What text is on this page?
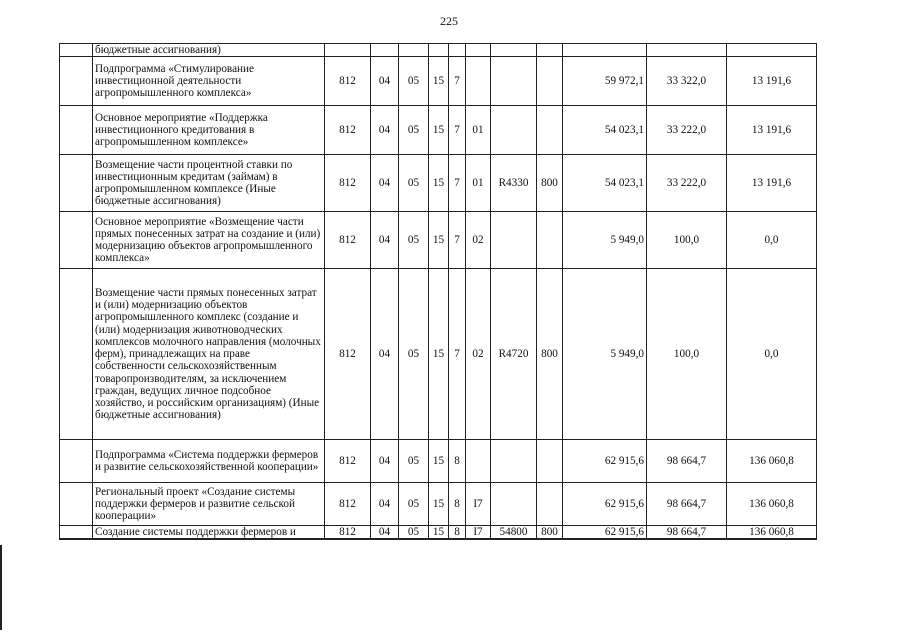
225

	бюджетные ассигнования)											

	Подпрограмма «Стимулирование инвестиционной деятельности агропромышленного комплекса»	812	04	05	15	7				59 972,1	33 322,0	13 191,6

	Основное мероприятие «Поддержка инвестиционного кредитования в агропромышленном комплексе»	812	04	05	15	7	01			54 023,1	33 222,0	13 191,6

	Возмещение части процентной ставки по инвестиционным кредитам (займам) в агропромышленном комплексе (Иные бюджетные ассигнования)	812	04	05	15	7	01	R4330	800	54 023,1	33 222,0	13 191,6

	Основное мероприятие «Возмещение части прямых понесенных затрат на создание и (или) модернизацию объектов агропромышленного комплекса»	812	04	05	15	7	02			5 949,0	100,0	0,0

	Возмещение части прямых понесенных затрат и (или) модернизацию объектов агропромышленного комплекс (создание и (или) модернизация животноводческих комплексов молочного направления (молочных ферм), принадлежащих на праве собственности сельскохозяйственным товаропроизводителям, за исключением граждан, ведущих личное подсобное хозяйство, и российским организациям) (Иные бюджетные ассигнования)	812	04	05	15	7	02	R4720	800	5 949,0	100,0	0,0

	Подпрограмма «Система поддержки фермеров и развитие сельскохозяйственной кооперации»	812	04	05	15	8				62 915,6	98 664,7	136 060,8

	Региональный проект «Создание системы поддержки фермеров и развитие сельской кооперации»	812	04	05	15	8	I7			62 915,6	98 664,7	136 060,8

	Создание системы поддержки фермеров и	812	04	05	15	8	I7	54800	800	62 915,6	98 664,7	136 060,8
